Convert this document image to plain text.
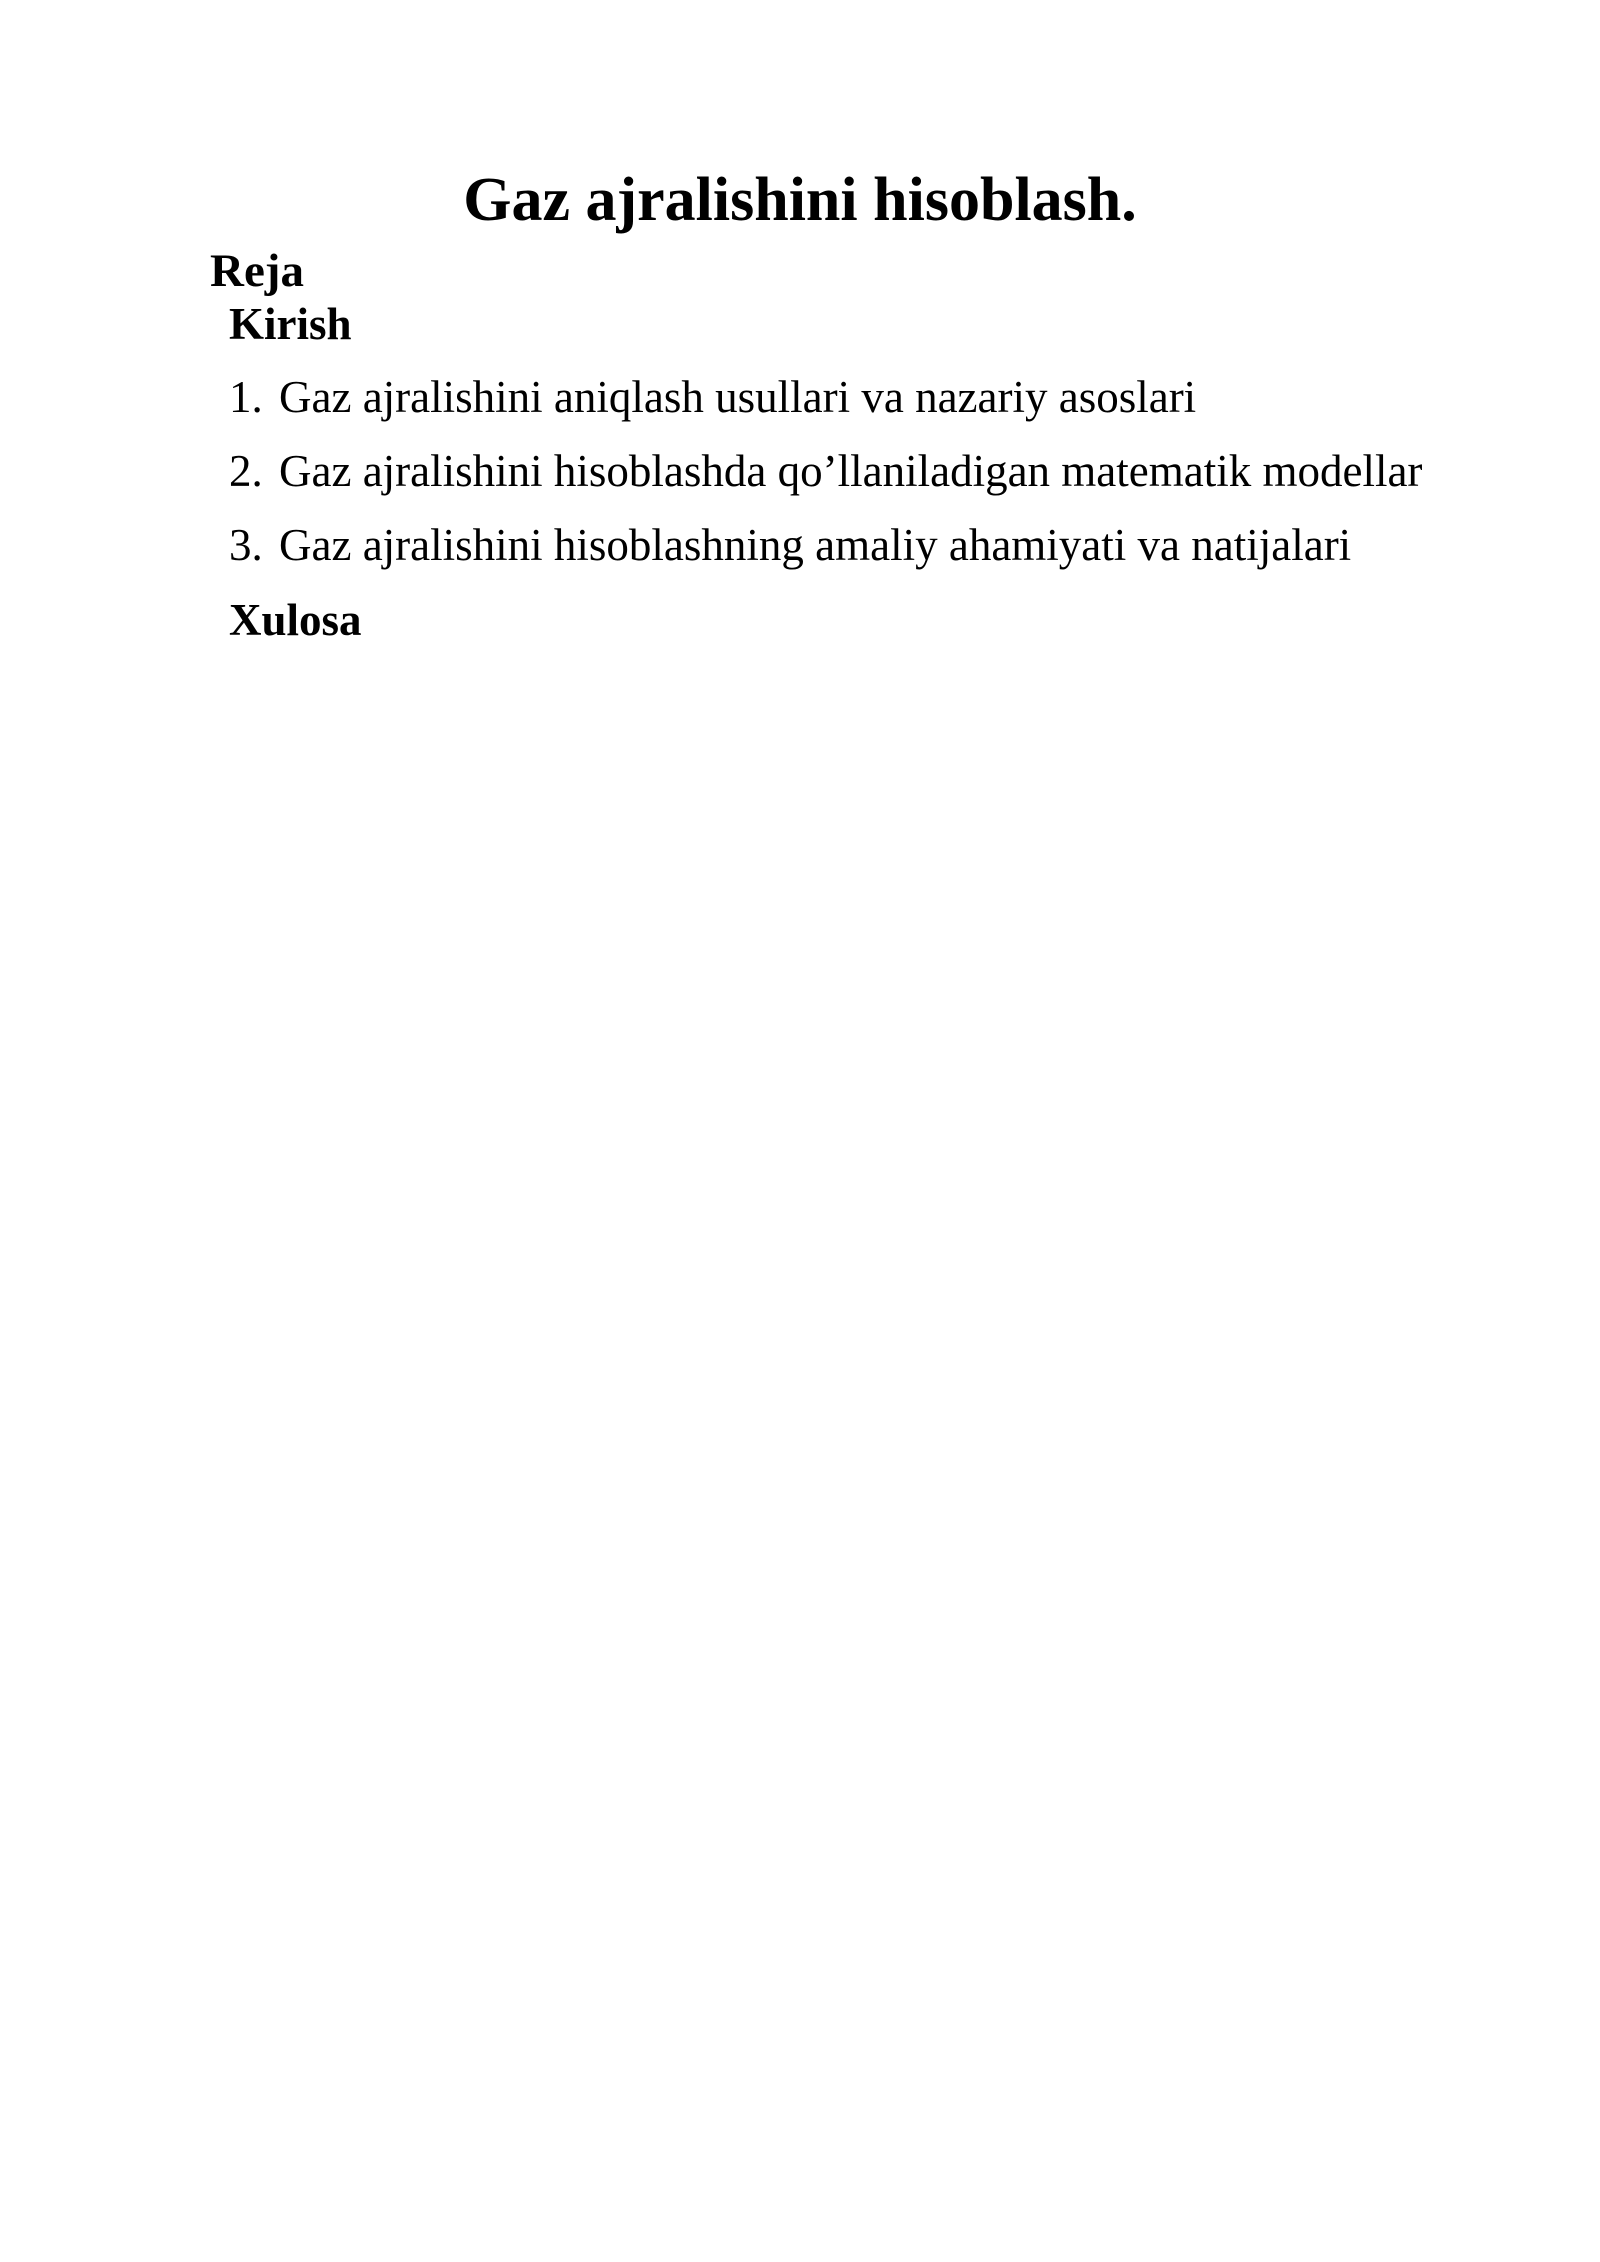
Gaz ajralishini hisoblash.
Reja
Kirish
1. Gaz ajralishini aniqlash usullari va nazariy asoslari
2. Gaz ajralishini hisoblashda qo’llaniladigan matematik modellar
3. Gaz ajralishini hisoblashning amaliy ahamiyati va natijalari
Xulosa
